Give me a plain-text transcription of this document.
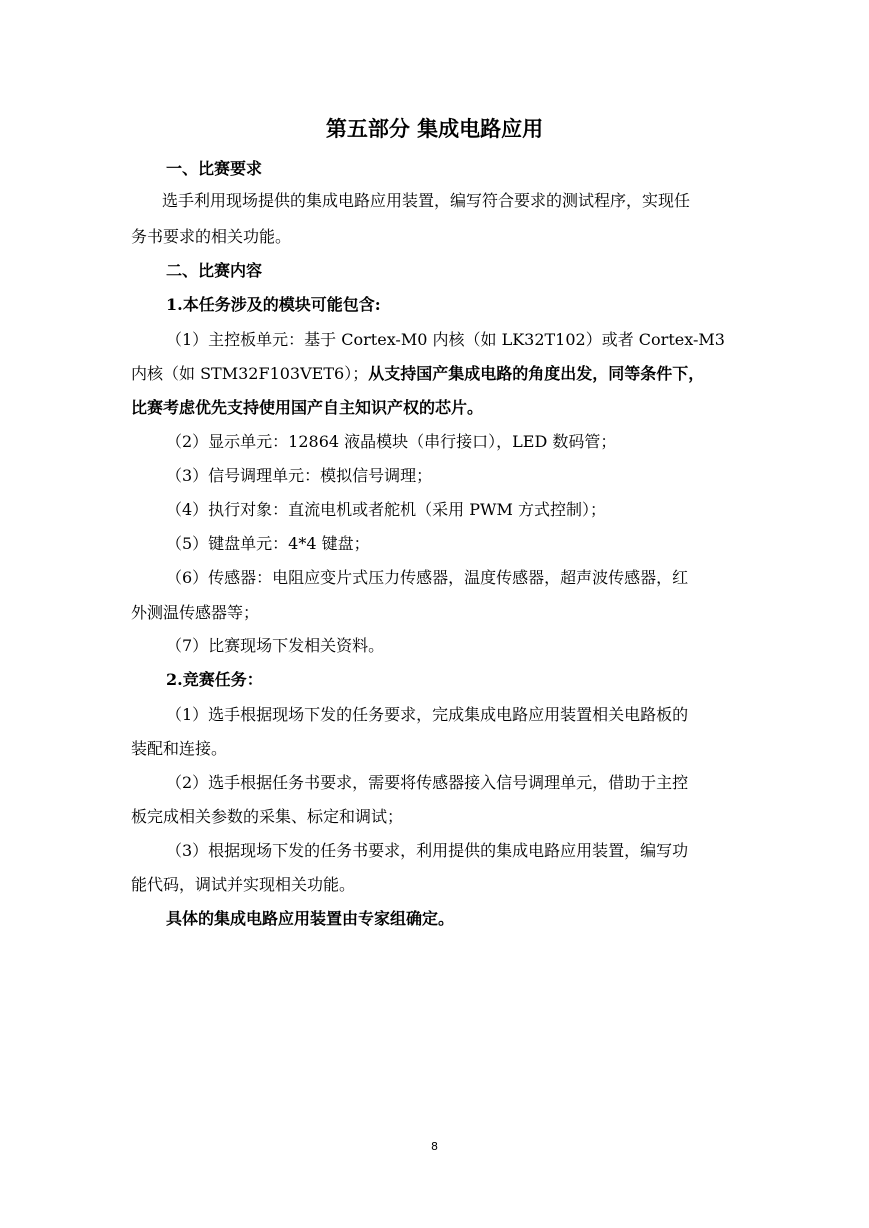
第五部分 集成电路应用

一、比赛要求

选手利用现场提供的集成电路应用装置，编写符合要求的测试程序，实现任

务书要求的相关功能。

二、比赛内容

1.本任务涉及的模块可能包含:

（1）主控板单元：基于 Cortex-M0 内核（如 LK32T102）或者 Cortex-M3

内核（如 STM32F103VET6）；从支持国产集成电路的角度出发，同等条件下，

比赛考虑优先支持使用国产自主知识产权的芯片。

（2）显示单元：12864 液晶模块（串行接口），LED 数码管；

（3）信号调理单元：模拟信号调理；

（4）执行对象：直流电机或者舵机（采用 PWM 方式控制）；

（5）键盘单元：4*4 键盘；

（6）传感器：电阻应变片式压力传感器，温度传感器，超声波传感器，红

外测温传感器等；

（7）比赛现场下发相关资料。

2.竞赛任务：

（1）选手根据现场下发的任务要求，完成集成电路应用装置相关电路板的

装配和连接。

（2）选手根据任务书要求，需要将传感器接入信号调理单元，借助于主控

板完成相关参数的采集、标定和调试；

（3）根据现场下发的任务书要求，利用提供的集成电路应用装置，编写功

能代码，调试并实现相关功能。

具体的集成电路应用装置由专家组确定。

8
